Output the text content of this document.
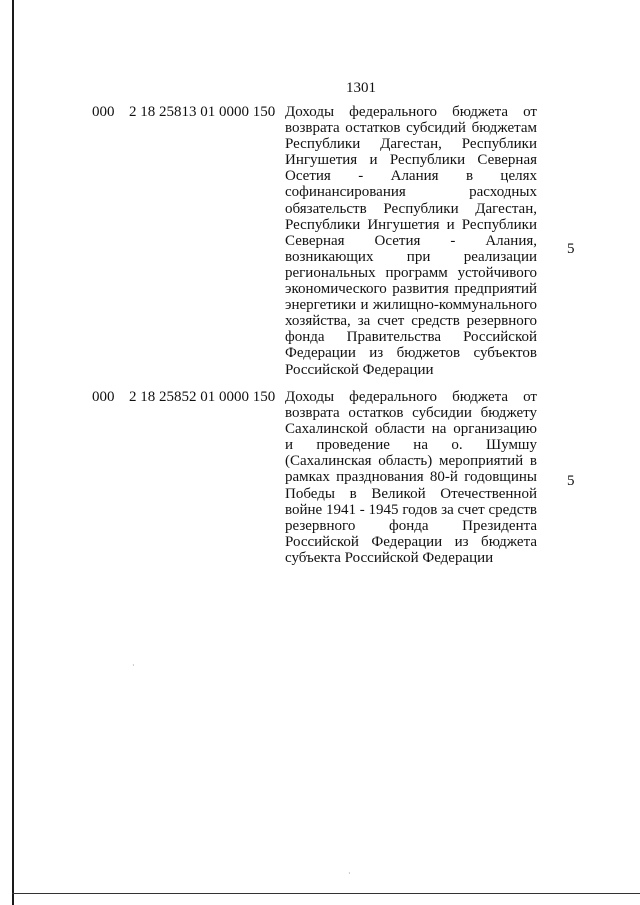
1301
000 2 18 25813 01 0000 150 Доходы федерального бюджета от возврата остатков субсидий бюджетам Республики Дагестан, Республики Ингушетия и Республики Северная Осетия - Алания в целях софинансирования расходных обязательств Республики Дагестан, Республики Ингушетия и Республики Северная Осетия - Алания, возникающих при реализации региональных программ устойчивого экономического развития предприятий энергетики и жилищно-коммунального хозяйства, за счет средств резервного фонда Правительства Российской Федерации из бюджетов субъектов Российской Федерации
5
000 2 18 25852 01 0000 150 Доходы федерального бюджета от возврата остатков субсидии бюджету Сахалинской области на организацию и проведение на о. Шумшу (Сахалинская область) мероприятий в рамках празднования 80-й годовщины Победы в Великой Отечественной войне 1941 - 1945 годов за счет средств резервного фонда Президента Российской Федерации из бюджета субъекта Российской Федерации
5
·
·
